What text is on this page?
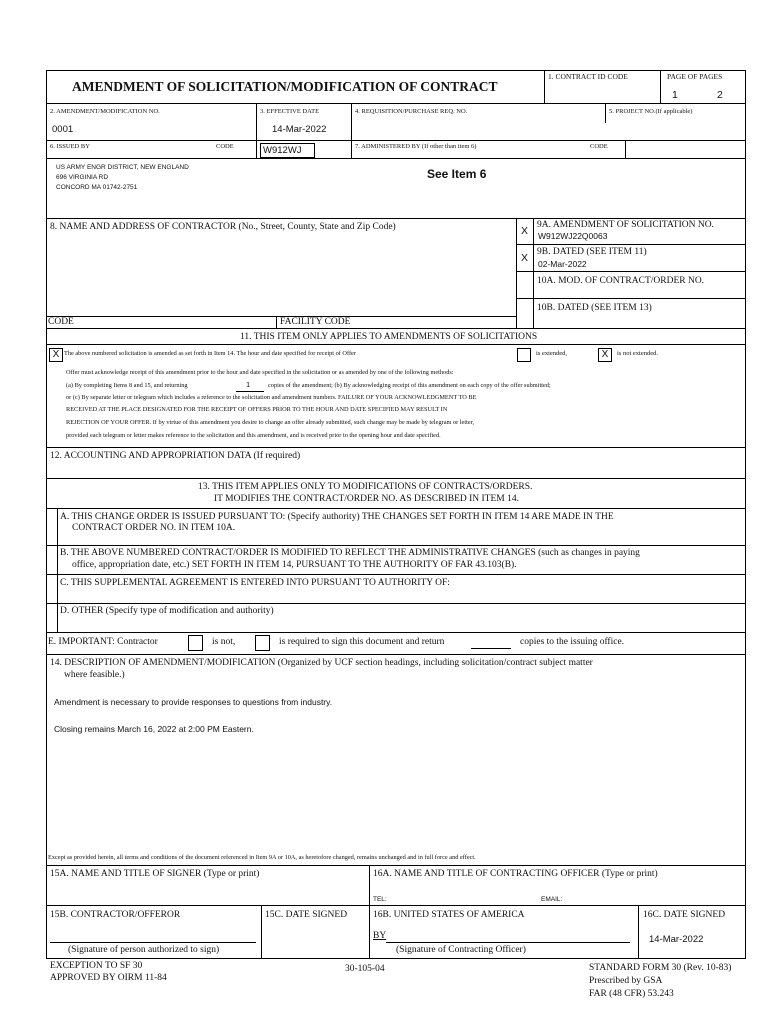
AMENDMENT OF SOLICITATION/MODIFICATION OF CONTRACT
1. CONTRACT ID CODE	PAGE OF PAGES
1	2
2. AMENDMENT/MODIFICATION NO.
0001
3. EFFECTIVE DATE
14-Mar-2022
4. REQUISITION/PURCHASE REQ. NO.	5. PROJECT NO.(If applicable)
6. ISSUED BY	CODE	W912WJ	7. ADMINISTERED BY (If other than item 6)	CODE
US ARMY ENGR DISTRICT, NEW ENGLAND
696 VIRGINIA RD
CONCORD MA 01742-2751
See Item 6
8. NAME AND ADDRESS OF CONTRACTOR (No., Street, County, State and Zip Code)
CODE	FACILITY CODE
X 9A. AMENDMENT OF SOLICITATION NO.
W912WJ22Q0063
X 9B. DATED (SEE ITEM 11)
02-Mar-2022
10A. MOD. OF CONTRACT/ORDER NO.
10B. DATED (SEE ITEM 13)
11. THIS ITEM ONLY APPLIES TO AMENDMENTS OF SOLICITATIONS
X The above numbered solicitation is amended as set forth in Item 14. The hour and date specified for receipt of Offer	is extended,	X	is not extended.
Offer must acknowledge receipt of this amendment prior to the hour and date specified in the solicitation or as amended by one of the following methods:
(a) By completing Items 8 and 15, and returning	1	copies of the amendment; (b) By acknowledging receipt of this amendment on each copy of the offer submitted;
or (c) By separate letter or telegram which includes a reference to the solicitation and amendment numbers. FAILURE OF YOUR ACKNOWLEDGMENT TO BE
RECEIVED AT THE PLACE DESIGNATED FOR THE RECEIPT OF OFFERS PRIOR TO THE HOUR AND DATE SPECIFIED MAY RESULT IN
REJECTION OF YOUR OFFER. If by virtue of this amendment you desire to change an offer already submitted, such change may be made by telegram or letter,
provided each telegram or letter makes reference to the solicitation and this amendment, and is received prior to the opening hour and date specified.
12. ACCOUNTING AND APPROPRIATION DATA (If required)
13. THIS ITEM APPLIES ONLY TO MODIFICATIONS OF CONTRACTS/ORDERS.
IT MODIFIES THE CONTRACT/ORDER NO. AS DESCRIBED IN ITEM 14.
A. THIS CHANGE ORDER IS ISSUED PURSUANT TO: (Specify authority) THE CHANGES SET FORTH IN ITEM 14 ARE MADE IN THE
CONTRACT ORDER NO. IN ITEM 10A.
B. THE ABOVE NUMBERED CONTRACT/ORDER IS MODIFIED TO REFLECT THE ADMINISTRATIVE CHANGES (such as changes in paying
office, appropriation date, etc.) SET FORTH IN ITEM 14, PURSUANT TO THE AUTHORITY OF FAR 43.103(B).
C. THIS SUPPLEMENTAL AGREEMENT IS ENTERED INTO PURSUANT TO AUTHORITY OF:
D. OTHER (Specify type of modification and authority)
E. IMPORTANT: Contractor	is not,	is required to sign this document and return	copies to the issuing office.
14. DESCRIPTION OF AMENDMENT/MODIFICATION (Organized by UCF section headings, including solicitation/contract subject matter
where feasible.)
Amendment is necessary to provide responses to questions from industry.
Closing remains March 16, 2022 at 2:00 PM Eastern.
Except as provided herein, all terms and conditions of the document referenced in Item 9A or 10A, as heretofore changed, remains unchanged and in full force and effect.
15A. NAME AND TITLE OF SIGNER (Type or print)	16A. NAME AND TITLE OF CONTRACTING OFFICER (Type or print)
TEL:	EMAIL:
15B. CONTRACTOR/OFFEROR	15C. DATE SIGNED	16B. UNITED STATES OF AMERICA	16C. DATE SIGNED
(Signature of person authorized to sign)
BY
(Signature of Contracting Officer)
14-Mar-2022
EXCEPTION TO SF 30
APPROVED BY OIRM 11-84
30-105-04	STANDARD FORM 30 (Rev. 10-83)
Prescribed by GSA
FAR (48 CFR) 53.243
